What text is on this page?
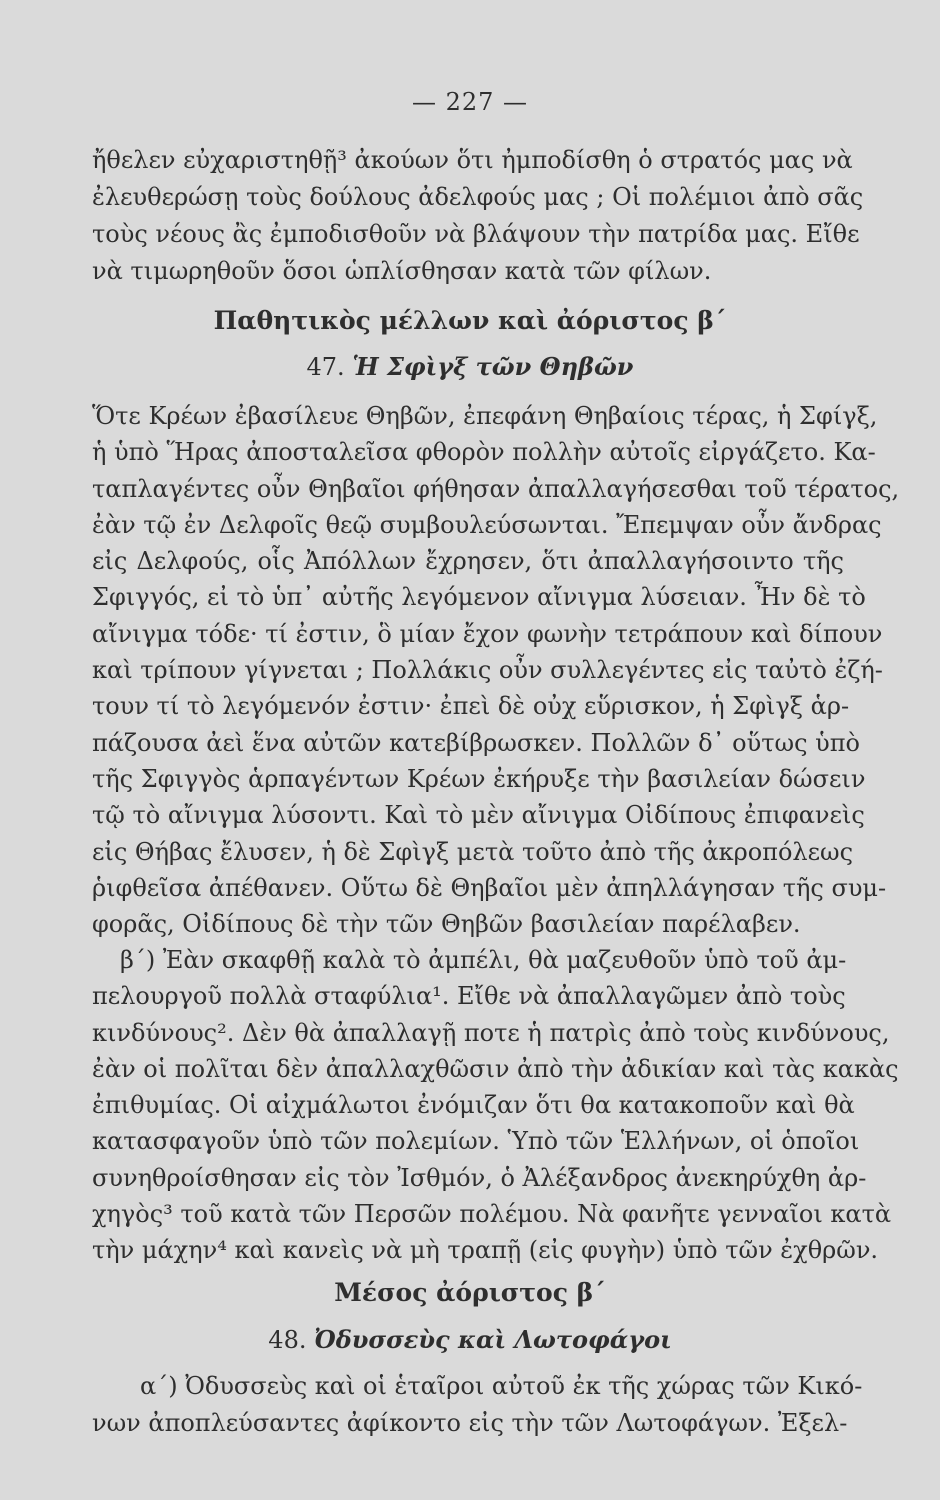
— 227 —
ἤθελεν εὐχαριστηθῇ³ ἀκούων ὅτι ἠμποδίσθη ὁ στρατός μας νὰ
ἐλευθερώσῃ τοὺς δούλους ἀδελφούς μας ; Οἱ πολέμιοι ἀπὸ σᾶς
τοὺς νέους ἂς ἐμποδισθοῦν νὰ βλάψουν τὴν πατρίδα μας. Εἴθε
νὰ τιμωρηθοῦν ὅσοι ὡπλίσθησαν κατὰ τῶν φίλων.
Παθητικὸς μέλλων καὶ ἀόριστος β΄
47. Ἡ Σφὶγξ τῶν Θηβῶν
Ὅτε Κρέων ἐβασίλευε Θηβῶν, ἐπεφάνη Θηβαίοις τέρας, ἡ Σφίγξ,
ἡ ὑπὸ Ἥρας ἀποσταλεῖσα φθορὸν πολλὴν αὐτοῖς εἰργάζετο. Κα-
ταπλαγέντες οὖν Θηβαῖοι φήθησαν ἀπαλλαγήσεσθαι τοῦ τέρατος,
ἐὰν τῷ ἐν Δελφοῖς θεῷ συμβουλεύσωνται. Ἔπεμψαν οὖν ἄνδρας
εἰς Δελφούς, οἷς Ἀπόλλων ἔχρησεν, ὅτι ἀπαλλαγήσοιντο τῆς
Σφιγγός, εἰ τὸ ὑπ᾽ αὐτῆς λεγόμενον αἴνιγμα λύσειαν. Ἦν δὲ τὸ
αἴνιγμα τόδε· τί ἐστιν, ὃ μίαν ἔχον φωνὴν τετράπουν καὶ δίπουν
καὶ τρίπουν γίγνεται ; Πολλάκις οὖν συλλεγέντες εἰς ταὐτὸ ἐζή-
τουν τί τὸ λεγόμενόν ἐστιν· ἐπεὶ δὲ οὐχ εὕρισκον, ἡ Σφὶγξ ἁρ-
πάζουσα ἀεὶ ἕνα αὐτῶν κατεβίβρωσκεν. Πολλῶν δ᾽ οὕτως ὑπὸ
τῆς Σφιγγὸς ἁρπαγέντων Κρέων ἐκήρυξε τὴν βασιλείαν δώσειν
τῷ τὸ αἴνιγμα λύσοντι. Καὶ τὸ μὲν αἴνιγμα Οἰδίπους ἐπιφανεὶς
εἰς Θήβας ἔλυσεν, ἡ δὲ Σφὶγξ μετὰ τοῦτο ἀπὸ τῆς ἀκροπόλεως
ῥιφθεῖσα ἀπέθανεν. Οὕτω δὲ Θηβαῖοι μὲν ἀπηλλάγησαν τῆς συμ-
φορᾶς, Οἰδίπους δὲ τὴν τῶν Θηβῶν βασιλείαν παρέλαβεν.
β΄) Ἐὰν σκαφθῇ καλὰ τὸ ἀμπέλι, θὰ μαζευθοῦν ὑπὸ τοῦ ἀμ-
πελουργοῦ πολλὰ σταφύλια¹. Εἴθε νὰ ἀπαλλαγῶμεν ἀπὸ τοὺς
κινδύνους². Δὲν θὰ ἀπαλλαγῇ ποτε ἡ πατρὶς ἀπὸ τοὺς κινδύνους,
ἐὰν οἱ πολῖται δὲν ἀπαλλαχθῶσιν ἀπὸ τὴν ἀδικίαν καὶ τὰς κακὰς
ἐπιθυμίας. Οἱ αἰχμάλωτοι ἐνόμιζαν ὅτι θα κατακοποῦν καὶ θὰ
κατασφαγοῦν ὑπὸ τῶν πολεμίων. Ὑπὸ τῶν Ἑλλήνων, οἱ ὁποῖοι
συνηθροίσθησαν εἰς τὸν Ἰσθμόν, ὁ Ἀλέξανδρος ἀνεκηρύχθη ἀρ-
χηγὸς³ τοῦ κατὰ τῶν Περσῶν πολέμου. Νὰ φανῆτε γενναῖοι κατὰ
τὴν μάχην⁴ καὶ κανεὶς νὰ μὴ τραπῇ (εἰς φυγὴν) ὑπὸ τῶν ἐχθρῶν.
Μέσος ἀόριστος β΄
48. Ὀδυσσεὺς καὶ Λωτοφάγοι
α΄) Ὀδυσσεὺς καὶ οἱ ἑταῖροι αὐτοῦ ἐκ τῆς χώρας τῶν Κικό-
νων ἀποπλεύσαντες ἀφίκοντο εἰς τὴν τῶν Λωτοφάγων. Ἐξελ-
